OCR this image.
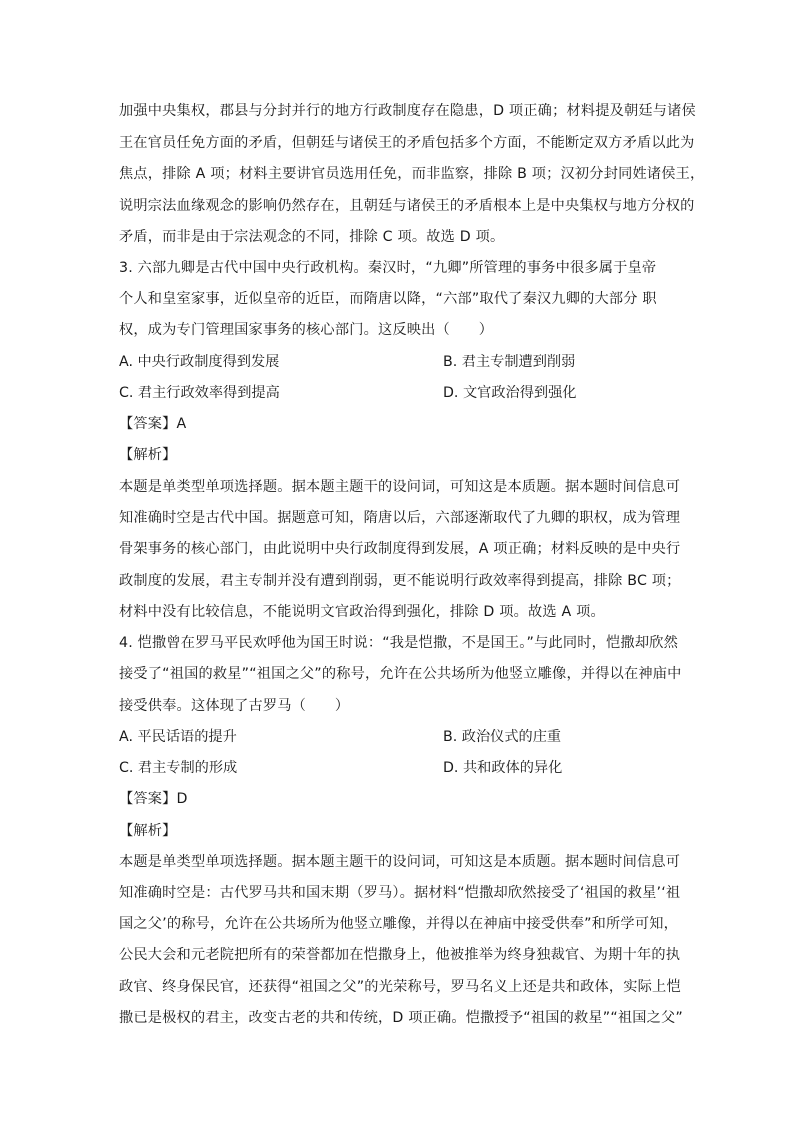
加强中央集权，郡县与分封并行的地方行政制度存在隐患，D 项正确；材料提及朝廷与诸侯
王在官员任免方面的矛盾，但朝廷与诸侯王的矛盾包括多个方面，不能断定双方矛盾以此为
焦点，排除 A 项；材料主要讲官员选用任免，而非监察，排除 B 项；汉初分封同姓诸侯王，
说明宗法血缘观念的影响仍然存在，且朝廷与诸侯王的矛盾根本上是中央集权与地方分权的
矛盾，而非是由于宗法观念的不同，排除 C 项。故选 D 项。
3. 六部九卿是古代中国中央行政机构。秦汉时，“九卿”所管理的事务中很多属于皇帝
个人和皇室家事，近似皇帝的近臣，而隋唐以降，“六部”取代了秦汉九卿的大部分 职
权，成为专门管理国家事务的核心部门。这反映出（　　）
A. 中央行政制度得到发展	B. 君主专制遭到削弱
C. 君主行政效率得到提高	D. 文官政治得到强化
【答案】A
【解析】
本题是单类型单项选择题。据本题主题干的设问词，可知这是本质题。据本题时间信息可
知准确时空是古代中国。据题意可知，隋唐以后，六部逐渐取代了九卿的职权，成为管理
骨架事务的核心部门，由此说明中央行政制度得到发展，A 项正确；材料反映的是中央行
政制度的发展，君主专制并没有遭到削弱，更不能说明行政效率得到提高，排除 BC 项；
材料中没有比较信息，不能说明文官政治得到强化，排除 D 项。故选 A 项。
4. 恺撒曾在罗马平民欢呼他为国王时说：“我是恺撒，不是国王。”与此同时，恺撒却欣然
接受了“祖国的救星”“祖国之父”的称号，允许在公共场所为他竖立雕像，并得以在神庙中
接受供奉。这体现了古罗马（　　）
A. 平民话语的提升	B. 政治仪式的庄重
C. 君主专制的形成	D. 共和政体的异化
【答案】D
【解析】
本题是单类型单项选择题。据本题主题干的设问词，可知这是本质题。据本题时间信息可
知准确时空是：古代罗马共和国末期（罗马）。据材料“恺撒却欣然接受了‘祖国的救星’‘祖
国之父’的称号，允许在公共场所为他竖立雕像，并得以在神庙中接受供奉”和所学可知，
公民大会和元老院把所有的荣誉都加在恺撒身上，他被推举为终身独裁官、为期十年的执
政官、终身保民官，还获得“祖国之父”的光荣称号，罗马名义上还是共和政体，实际上恺
撒已是极权的君主，改变古老的共和传统，D 项正确。恺撒授予“祖国的救星”“祖国之父”
